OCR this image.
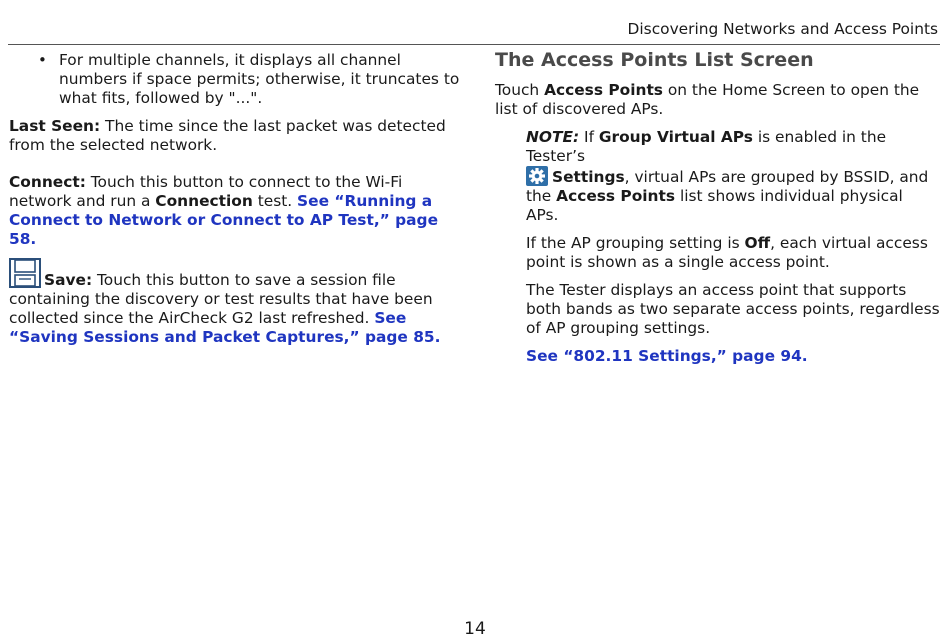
Discovering Networks and Access Points
• For multiple channels, it displays all channel numbers if space permits; otherwise, it truncates to what fits, followed by "...".

Last Seen: The time since the last packet was detected from the selected network.

Connect: Touch this button to connect to the Wi-Fi network and run a Connection test. See “Running a Connect to Network or Connect to AP Test,” page 58.

Save: Touch this button to save a session file containing the discovery or test results that have been collected since the AirCheck G2 last refreshed. See “Saving Sessions and Packet Captures,” page 85.

The Access Points List Screen

Touch Access Points on the Home Screen to open the list of discovered APs.

NOTE: If Group Virtual APs is enabled in the Tester’s
Settings, virtual APs are grouped by BSSID, and the Access Points list shows individual physical APs.

If the AP grouping setting is Off, each virtual access point is shown as a single access point.

The Tester displays an access point that supports both bands as two separate access points, regardless of AP grouping settings.

See “802.11 Settings,” page 94.

14
